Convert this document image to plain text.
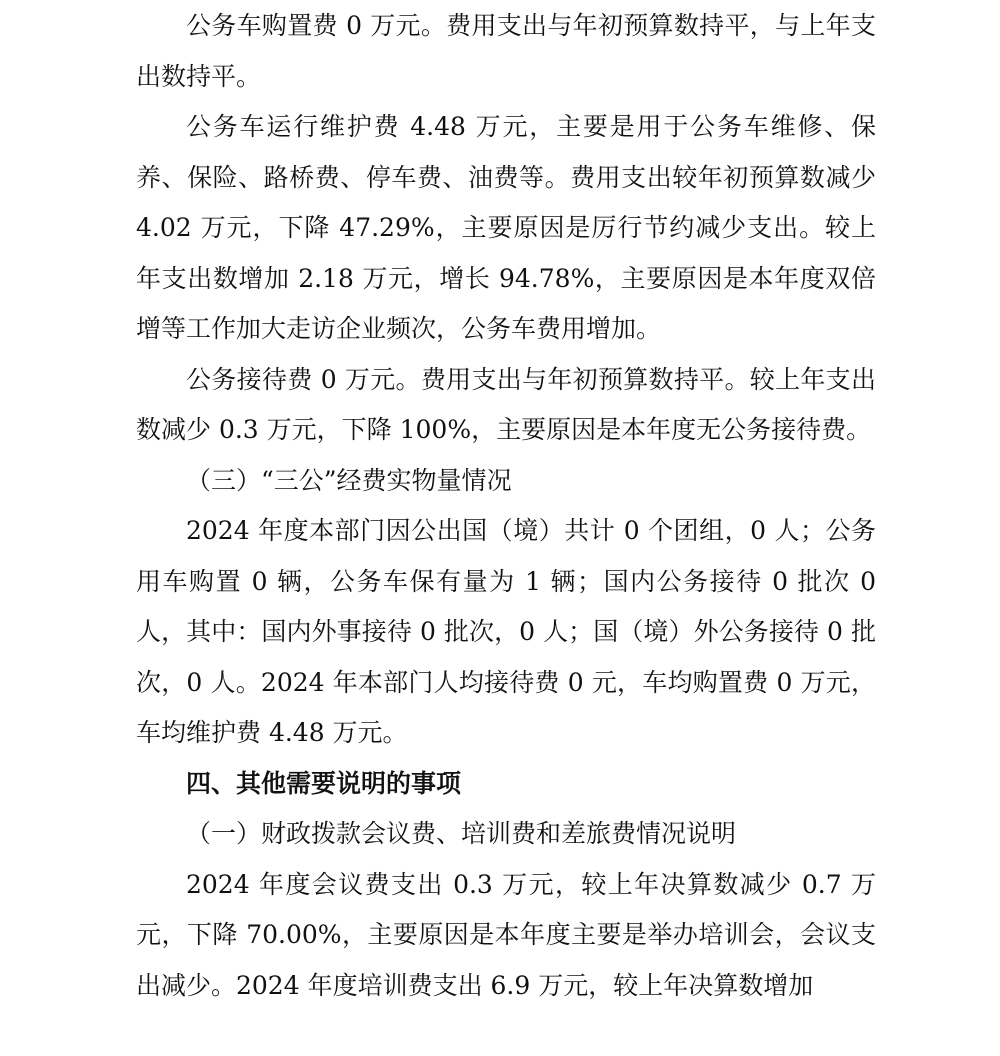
公务车购置费 0 万元。费用支出与年初预算数持平，与上年支出数持平。

公务车运行维护费 4.48 万元，主要是用于公务车维修、保养、保险、路桥费、停车费、油费等。费用支出较年初预算数减少 4.02 万元，下降 47.29%，主要原因是厉行节约减少支出。较上年支出数增加 2.18 万元，增长 94.78%，主要原因是本年度双倍增等工作加大走访企业频次，公务车费用增加。

公务接待费 0 万元。费用支出与年初预算数持平。较上年支出数减少 0.3 万元，下降 100%，主要原因是本年度无公务接待费。

（三）“三公”经费实物量情况

2024 年度本部门因公出国（境）共计 0 个团组，0 人；公务用车购置 0 辆，公务车保有量为 1 辆；国内公务接待 0 批次 0 人，其中：国内外事接待 0 批次，0 人；国（境）外公务接待 0 批次，0 人。2024 年本部门人均接待费 0 元，车均购置费 0 万元，车均维护费 4.48 万元。

四、其他需要说明的事项

（一）财政拨款会议费、培训费和差旅费情况说明

2024 年度会议费支出 0.3 万元，较上年决算数减少 0.7 万元，下降 70.00%，主要原因是本年度主要是举办培训会，会议支出减少。2024 年度培训费支出 6.9 万元，较上年决算数增加
